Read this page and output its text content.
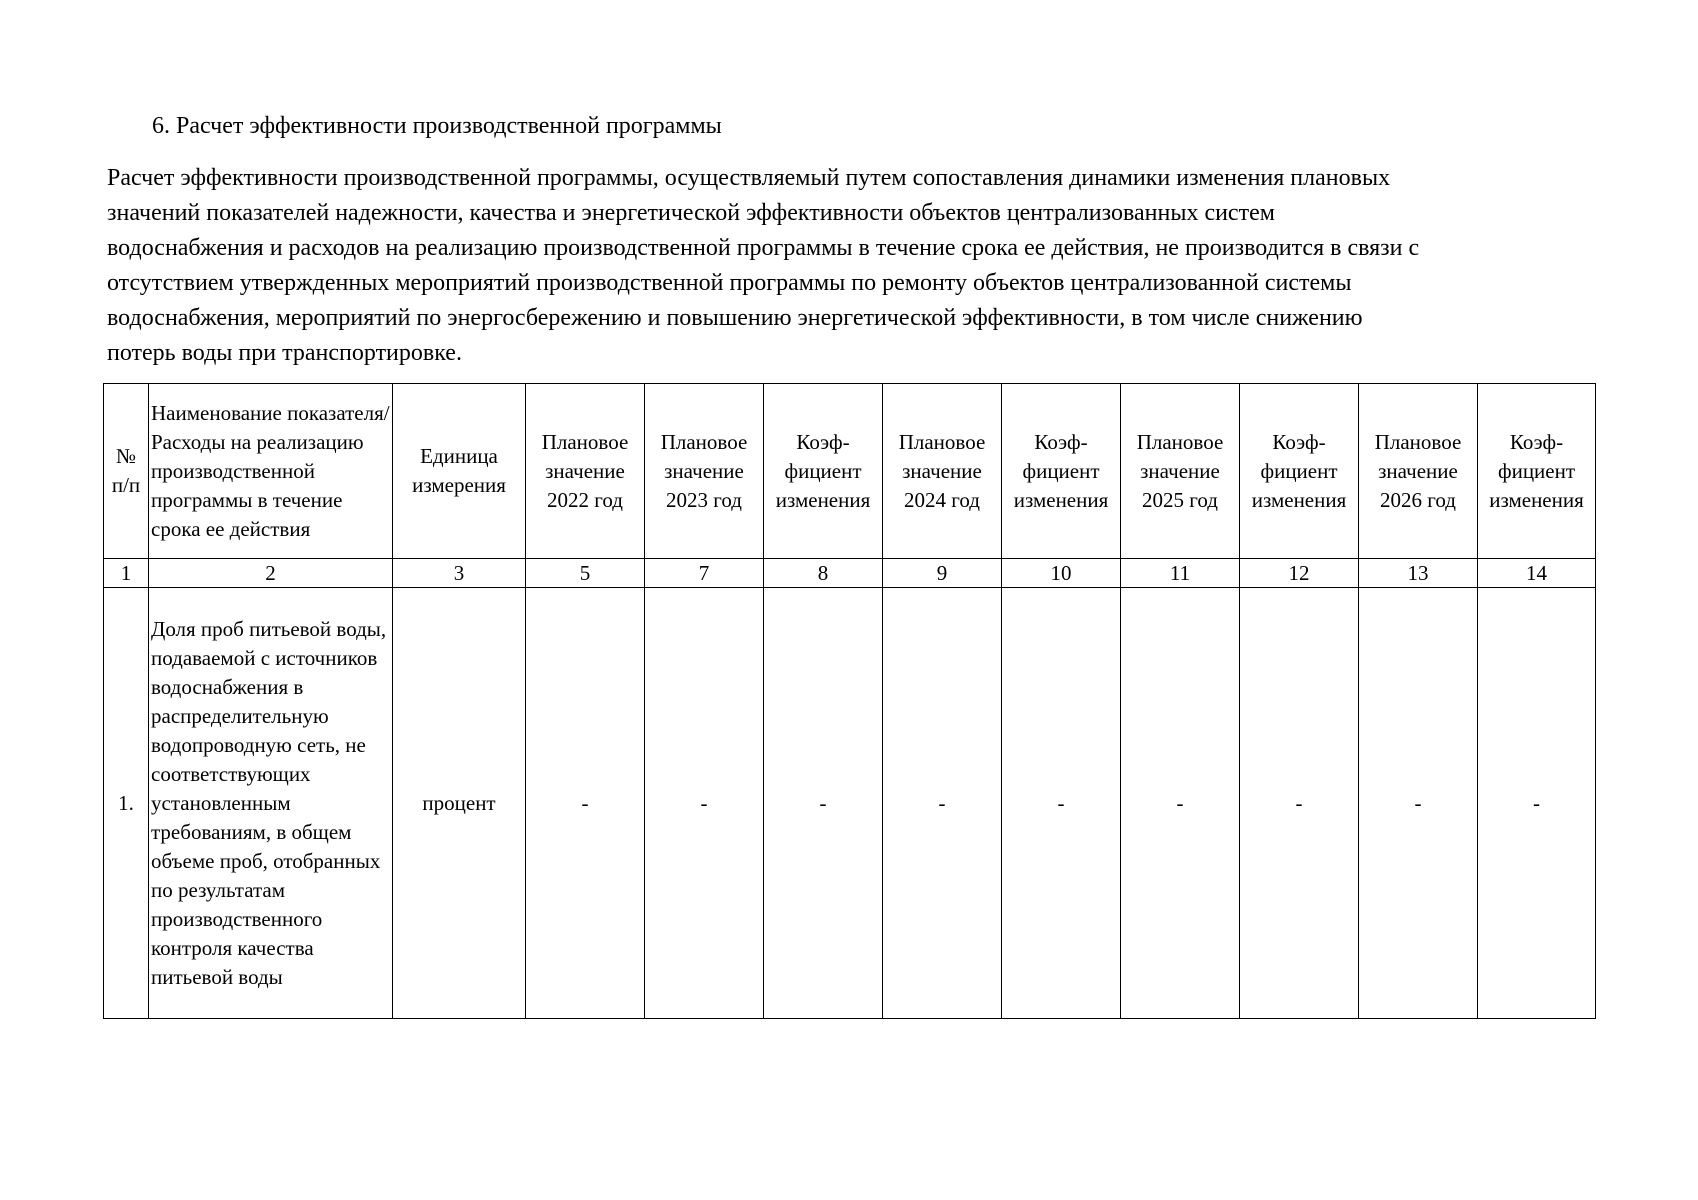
6. Расчет эффективности производственной программы
Расчет эффективности производственной программы, осуществляемый путем сопоставления динамики изменения плановых
значений показателей надежности, качества и энергетической эффективности объектов централизованных систем
водоснабжения и расходов на реализацию производственной программы в течение срока ее действия, не производится в связи с
отсутствием утвержденных мероприятий производственной программы по ремонту объектов централизованной системы
водоснабжения, мероприятий по энергосбережению и повышению энергетической эффективности, в том числе снижению
потерь воды при транспортировке.
№ п/п	Наименование показателя/Расходы на реализацию производственной программы в течение срока ее действия	Единица измерения	Плановое значение 2022 год	Плановое значение 2023 год	Коэф-фициент изменения	Плановое значение 2024 год	Коэф-фициент изменения	Плановое значение 2025 год	Коэф-фициент изменения	Плановое значение 2026 год	Коэф-фициент изменения
1	2	3	5	7	8	9	10	11	12	13	14
1.	Доля проб питьевой воды, подаваемой с источников водоснабжения в распределительную водопроводную сеть, не соответствующих установленным требованиям, в общем объеме проб, отобранных по результатам производственного контроля качества питьевой воды	процент	-	-	-	-	-	-	-	-	-
